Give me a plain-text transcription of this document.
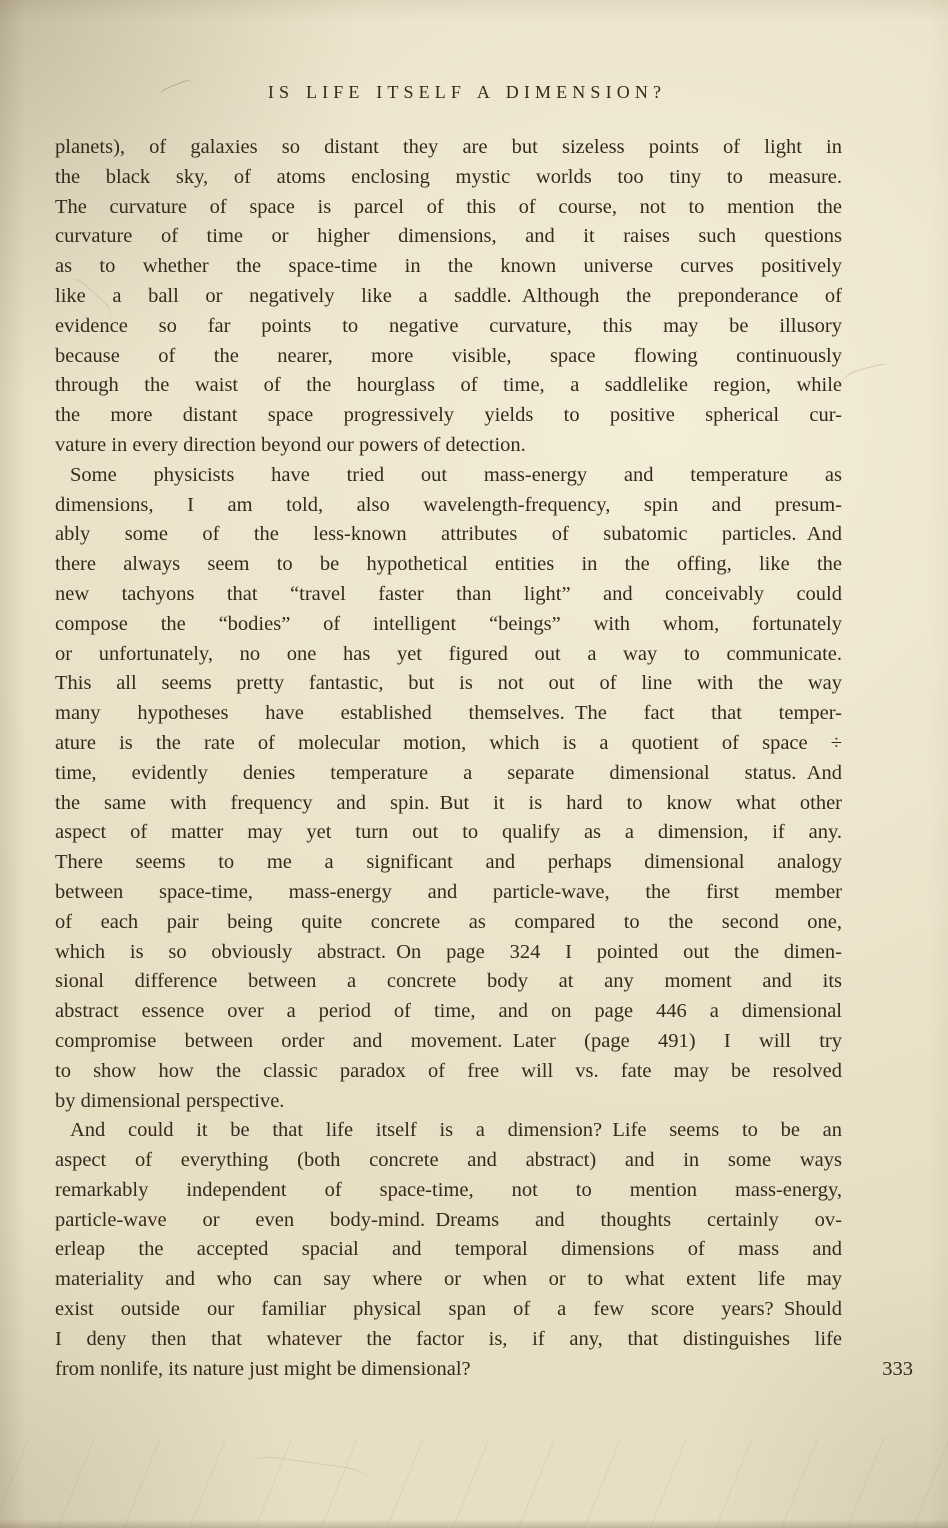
IS LIFE ITSELF A DIMENSION?
planets), of galaxies so distant they are but sizeless points of light in
the black sky, of atoms enclosing mystic worlds too tiny to measure.
The curvature of space is parcel of this of course, not to mention the
curvature of time or higher dimensions, and it raises such questions
as to whether the space-time in the known universe curves positively
like a ball or negatively like a saddle. Although the preponderance of
evidence so far points to negative curvature, this may be illusory
because of the nearer, more visible, space flowing continuously
through the waist of the hourglass of time, a saddlelike region, while
the more distant space progressively yields to positive spherical cur-
vature in every direction beyond our powers of detection.
Some physicists have tried out mass-energy and temperature as
dimensions, I am told, also wavelength-frequency, spin and presum-
ably some of the less-known attributes of subatomic particles. And
there always seem to be hypothetical entities in the offing, like the
new tachyons that “travel faster than light” and conceivably could
compose the “bodies” of intelligent “beings” with whom, fortunately
or unfortunately, no one has yet figured out a way to communicate.
This all seems pretty fantastic, but is not out of line with the way
many hypotheses have established themselves. The fact that temper-
ature is the rate of molecular motion, which is a quotient of space ÷
time, evidently denies temperature a separate dimensional status. And
the same with frequency and spin. But it is hard to know what other
aspect of matter may yet turn out to qualify as a dimension, if any.
There seems to me a significant and perhaps dimensional analogy
between space-time, mass-energy and particle-wave, the first member
of each pair being quite concrete as compared to the second one,
which is so obviously abstract. On page 324 I pointed out the dimen-
sional difference between a concrete body at any moment and its
abstract essence over a period of time, and on page 446 a dimensional
compromise between order and movement. Later (page 491) I will try
to show how the classic paradox of free will vs. fate may be resolved
by dimensional perspective.
And could it be that life itself is a dimension? Life seems to be an
aspect of everything (both concrete and abstract) and in some ways
remarkably independent of space-time, not to mention mass-energy,
particle-wave or even body-mind. Dreams and thoughts certainly ov-
erleap the accepted spacial and temporal dimensions of mass and
materiality and who can say where or when or to what extent life may
exist outside our familiar physical span of a few score years? Should
I deny then that whatever the factor is, if any, that distinguishes life
from nonlife, its nature just might be dimensional?	333
